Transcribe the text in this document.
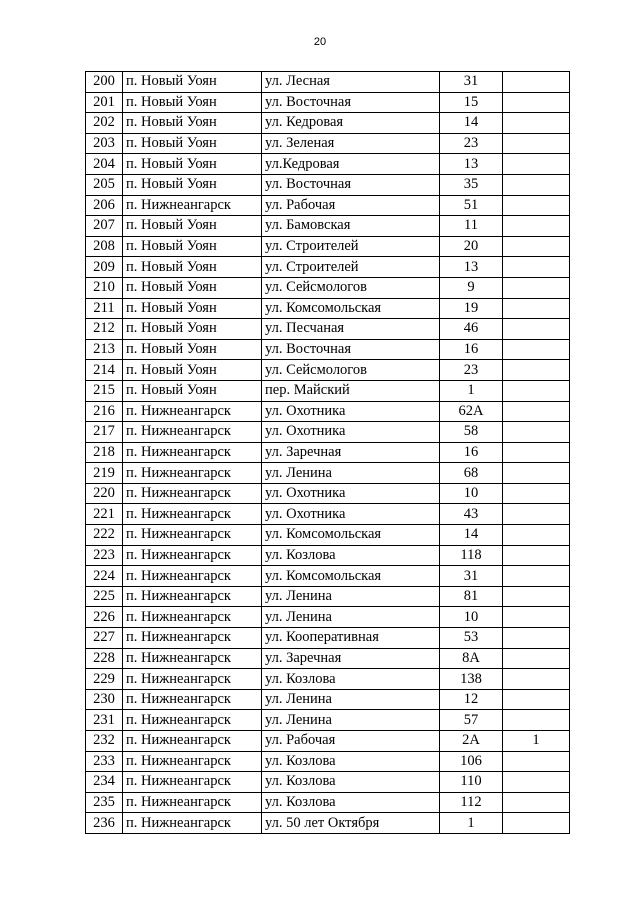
20
200	п. Новый Уоян	ул. Лесная	31	
201	п. Новый Уоян	ул. Восточная	15	
202	п. Новый Уоян	ул. Кедровая	14	
203	п. Новый Уоян	ул. Зеленая	23	
204	п. Новый Уоян	ул.Кедровая	13	
205	п. Новый Уоян	ул. Восточная	35	
206	п. Нижнеангарск	ул. Рабочая	51	
207	п. Новый Уоян	ул. Бамовская	11	
208	п. Новый Уоян	ул. Строителей	20	
209	п. Новый Уоян	ул. Строителей	13	
210	п. Новый Уоян	ул. Сейсмологов	9	
211	п. Новый Уоян	ул. Комсомольская	19	
212	п. Новый Уоян	ул. Песчаная	46	
213	п. Новый Уоян	ул. Восточная	16	
214	п. Новый Уоян	ул. Сейсмологов	23	
215	п. Новый Уоян	пер. Майский	1	
216	п. Нижнеангарск	ул. Охотника	62А	
217	п. Нижнеангарск	ул. Охотника	58	
218	п. Нижнеангарск	ул. Заречная	16	
219	п. Нижнеангарск	ул. Ленина	68	
220	п. Нижнеангарск	ул. Охотника	10	
221	п. Нижнеангарск	ул. Охотника	43	
222	п. Нижнеангарск	ул. Комсомольская	14	
223	п. Нижнеангарск	ул. Козлова	118	
224	п. Нижнеангарск	ул. Комсомольская	31	
225	п. Нижнеангарск	ул. Ленина	81	
226	п. Нижнеангарск	ул. Ленина	10	
227	п. Нижнеангарск	ул. Кооперативная	53	
228	п. Нижнеангарск	ул. Заречная	8А	
229	п. Нижнеангарск	ул. Козлова	138	
230	п. Нижнеангарск	ул. Ленина	12	
231	п. Нижнеангарск	ул. Ленина	57	
232	п. Нижнеангарск	ул. Рабочая	2А	1
233	п. Нижнеангарск	ул. Козлова	106	
234	п. Нижнеангарск	ул. Козлова	110	
235	п. Нижнеангарск	ул. Козлова	112	
236	п. Нижнеангарск	ул. 50 лет Октября	1	
